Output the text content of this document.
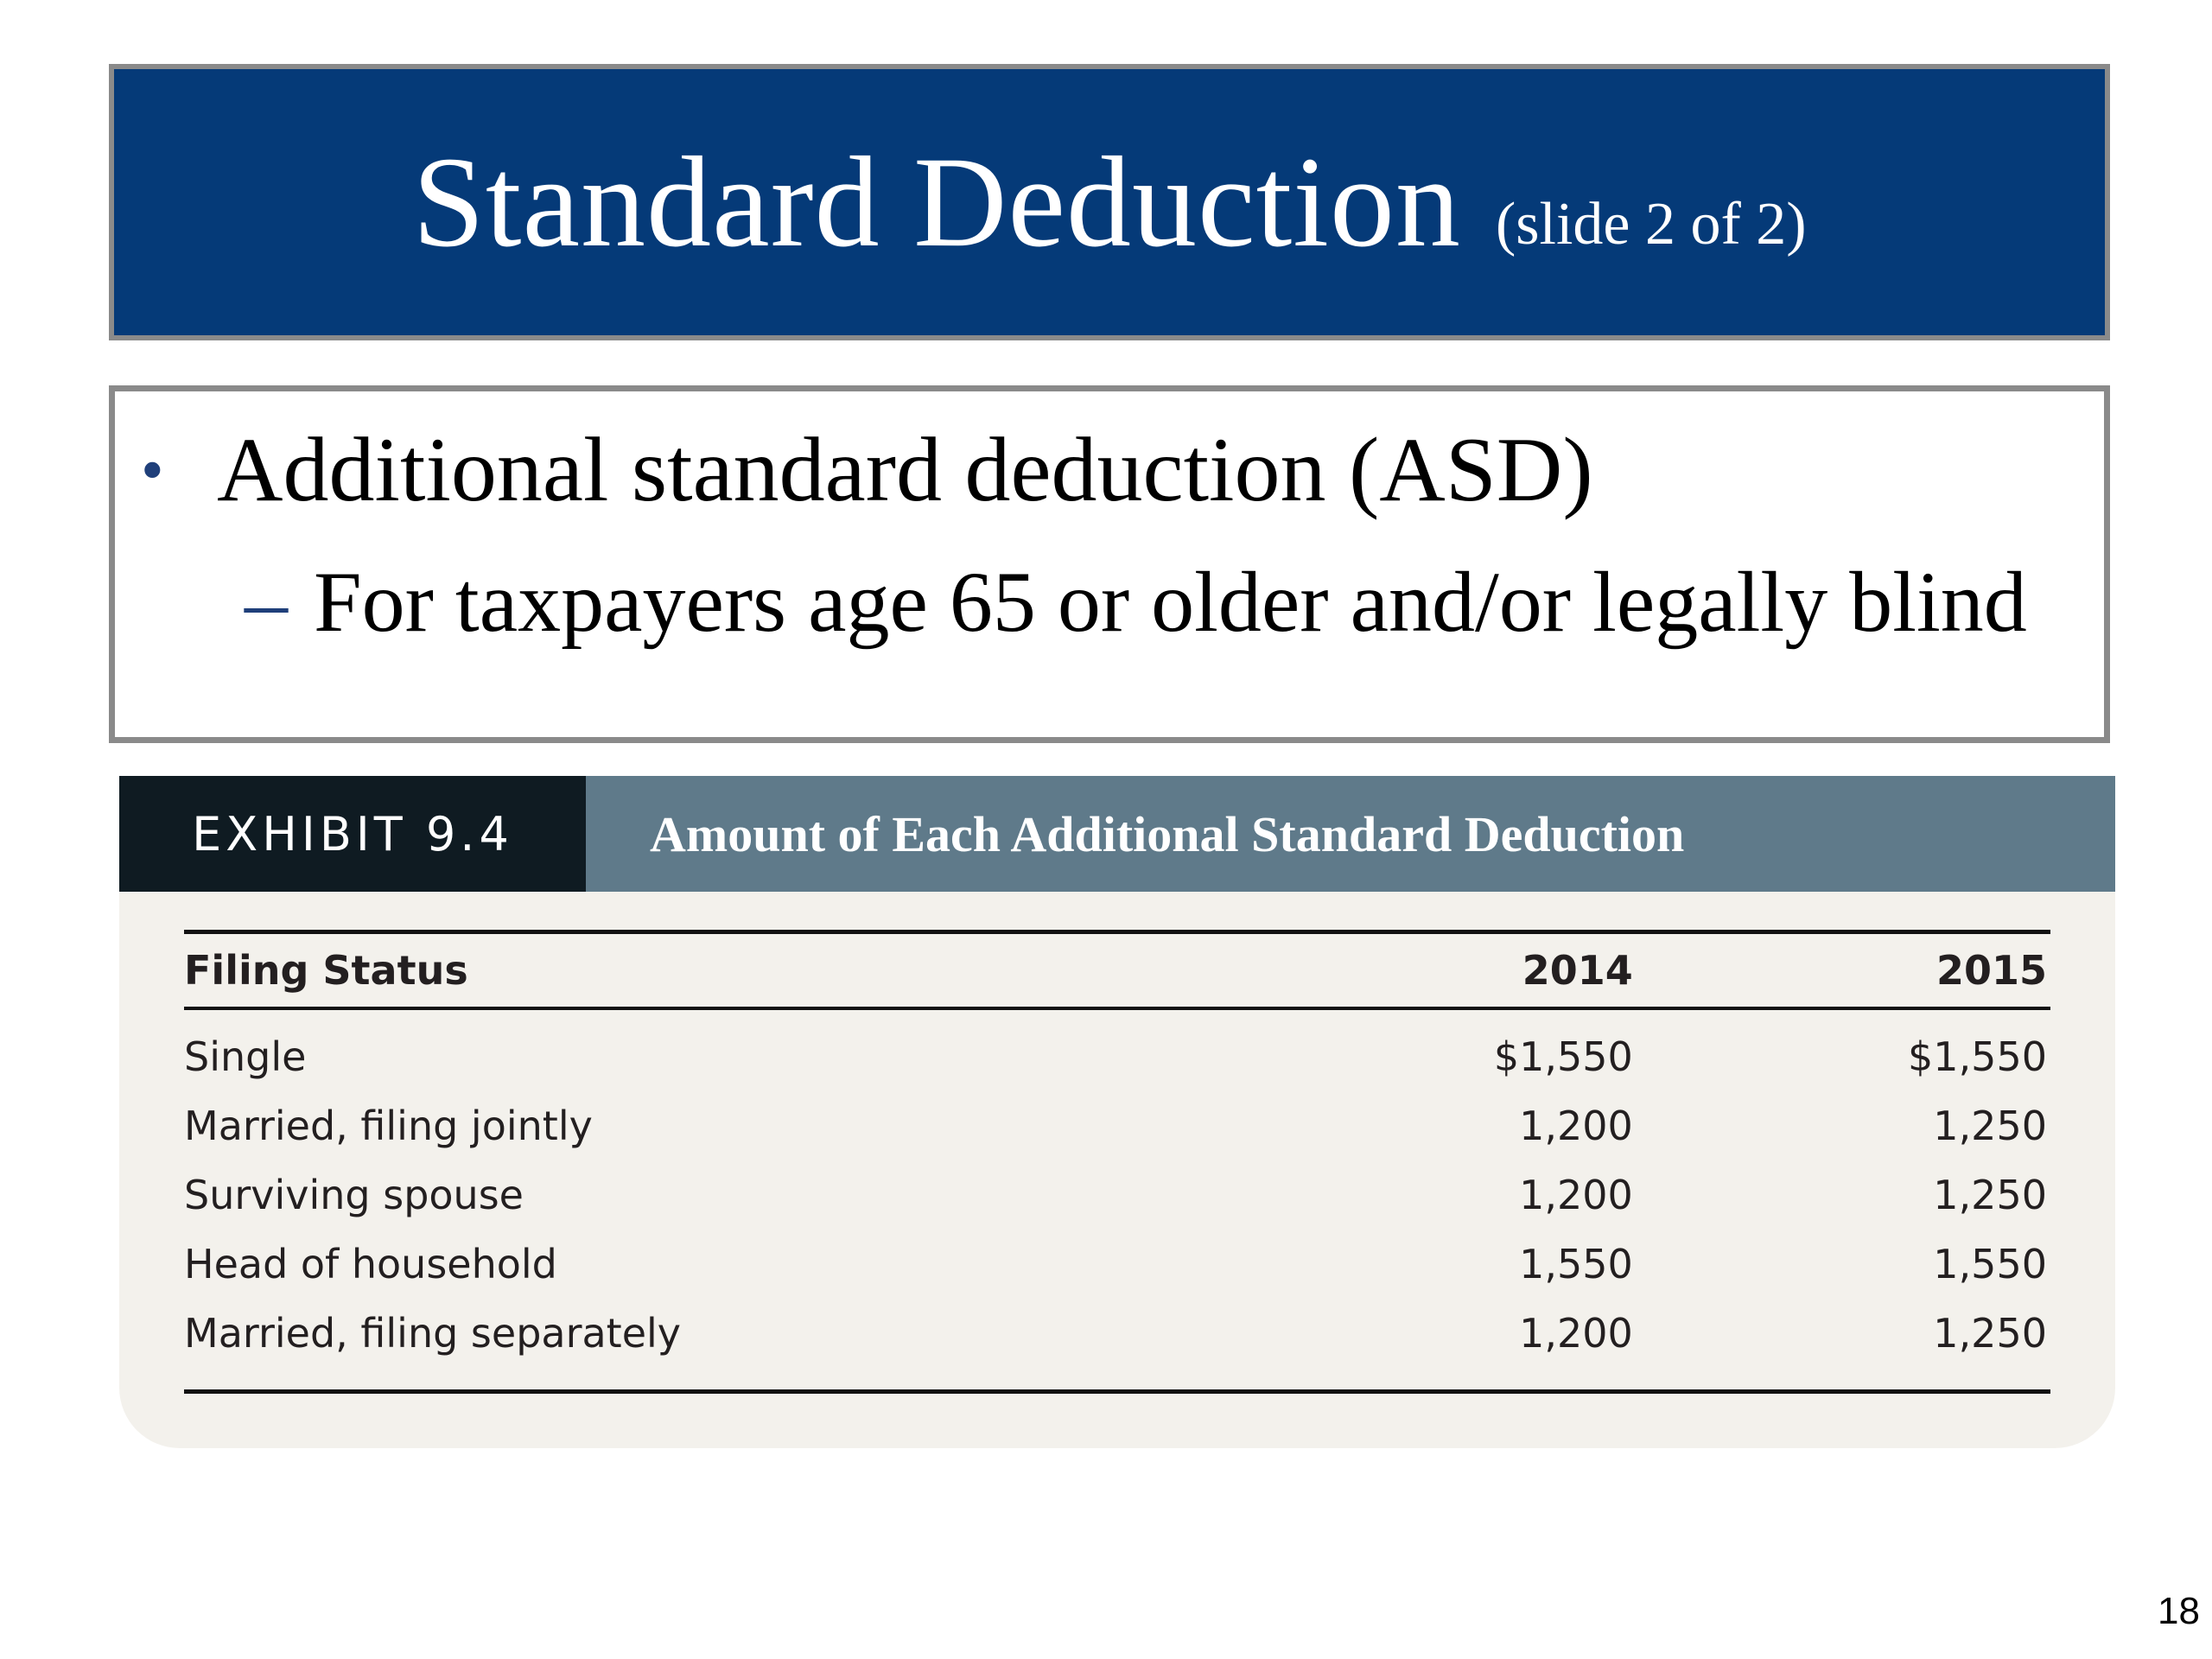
Standard Deduction (slide 2 of 2)
• Additional standard deduction (ASD)
– For taxpayers age 65 or older and/or legally blind
EXHIBIT 9.4	Amount of Each Additional Standard Deduction
Filing Status	2014	2015
Single	$1,550	$1,550
Married, filing jointly	1,200	1,250
Surviving spouse	1,200	1,250
Head of household	1,550	1,550
Married, filing separately	1,200	1,250
18
